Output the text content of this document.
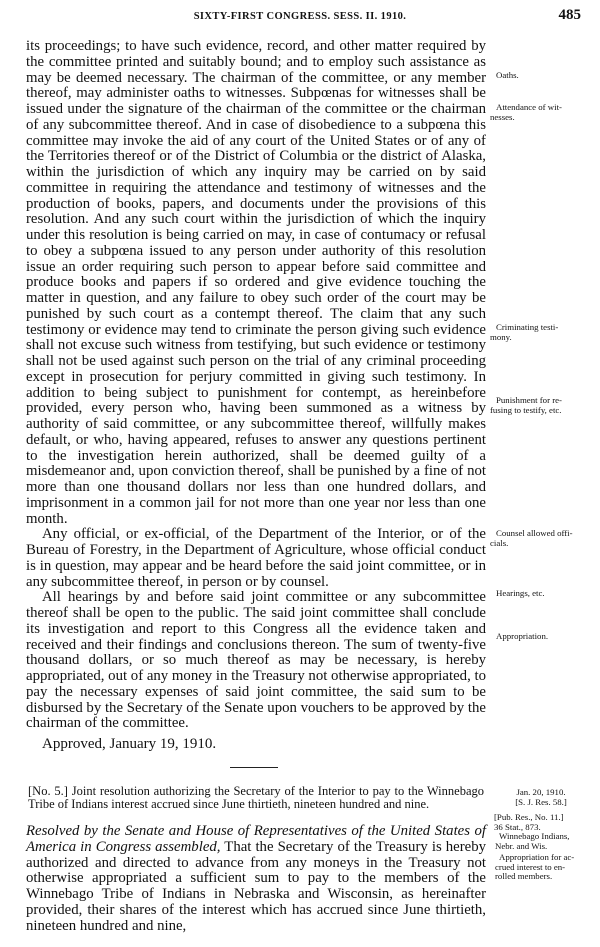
SIXTY-FIRST CONGRESS. SESS. II. 1910.	485

its proceedings; to have such evidence, record, and other matter required by the committee printed and suitably bound; and to employ such assistance as may be deemed necessary. The chairman of the committee, or any member thereof, may administer oaths to witnesses. Subpœnas for witnesses shall be issued under the signature of the chairman of the committee or the chairman of any subcommittee thereof. And in case of disobedience to a subpœna this committee may invoke the aid of any court of the United States or of any of the Territories thereof or of the District of Columbia or the district of Alaska, within the jurisdiction of which any inquiry may be carried on by said committee in requiring the attendance and testimony of witnesses and the production of books, papers, and documents under the provisions of this resolution. And any such court within the jurisdiction of which the inquiry under this resolution is being carried on may, in case of contumacy or refusal to obey a subpœna issued to any person under authority of this resolution issue an order requiring such person to appear before said committee and produce books and papers if so ordered and give evidence touching the matter in question, and any failure to obey such order of the court may be punished by such court as a contempt thereof. The claim that any such testimony or evidence may tend to criminate the person giving such evidence shall not excuse such witness from testifying, but such evidence or testimony shall not be used against such person on the trial of any criminal proceeding except in prosecution for perjury committed in giving such testimony. In addition to being subject to punishment for contempt, as hereinbefore provided, every person who, having been summoned as a witness by authority of said committee, or any subcommittee thereof, willfully makes default, or who, having appeared, refuses to answer any questions pertinent to the investigation herein authorized, shall be deemed guilty of a misdemeanor and, upon conviction thereof, shall be punished by a fine of not more than one thousand dollars nor less than one hundred dollars, and imprisonment in a common jail for not more than one year nor less than one month.

Any official, or ex-official, of the Department of the Interior, or of the Bureau of Forestry, in the Department of Agriculture, whose official conduct is in question, may appear and be heard before the said joint committee, or in any subcommittee thereof, in person or by counsel.

All hearings by and before said joint committee or any subcommittee thereof shall be open to the public. The said joint committee shall conclude its investigation and report to this Congress all the evidence taken and received and their findings and conclusions thereon. The sum of twenty-five thousand dollars, or so much thereof as may be necessary, is hereby appropriated, out of any money in the Treasury not otherwise appropriated, to pay the necessary expenses of said joint committee, the said sum to be disbursed by the Secretary of the Senate upon vouchers to be approved by the chairman of the committee.

Approved, January 19, 1910.
[No. 5.] Joint resolution authorizing the Secretary of the Interior to pay to the Winnebago Tribe of Indians interest accrued since June thirtieth, nineteen hundred and nine.

Resolved by the Senate and House of Representatives of the United States of America in Congress assembled, That the Secretary of the Treasury is hereby authorized and directed to advance from any moneys in the Treasury not otherwise appropriated a sufficient sum to pay to the members of the Winnebago Tribe of Indians in Nebraska and Wisconsin, as hereinafter provided, their shares of the interest which has accrued since June thirtieth, nineteen hundred and nine,

Oaths.
Attendance of wit-
nesses.
Criminating testi-
mony.
Punishment for re-
fusing to testify, etc.
Counsel allowed offi-
cials.
Hearings, etc.
Appropriation.
Jan. 20, 1910.
[S. J. Res. 58.]
[Pub. Res., No. 11.]
36 Stat., 873.
Winnebago Indians,
Nebr. and Wis.
Appropriation for ac-
crued interest to en-
rolled members.
